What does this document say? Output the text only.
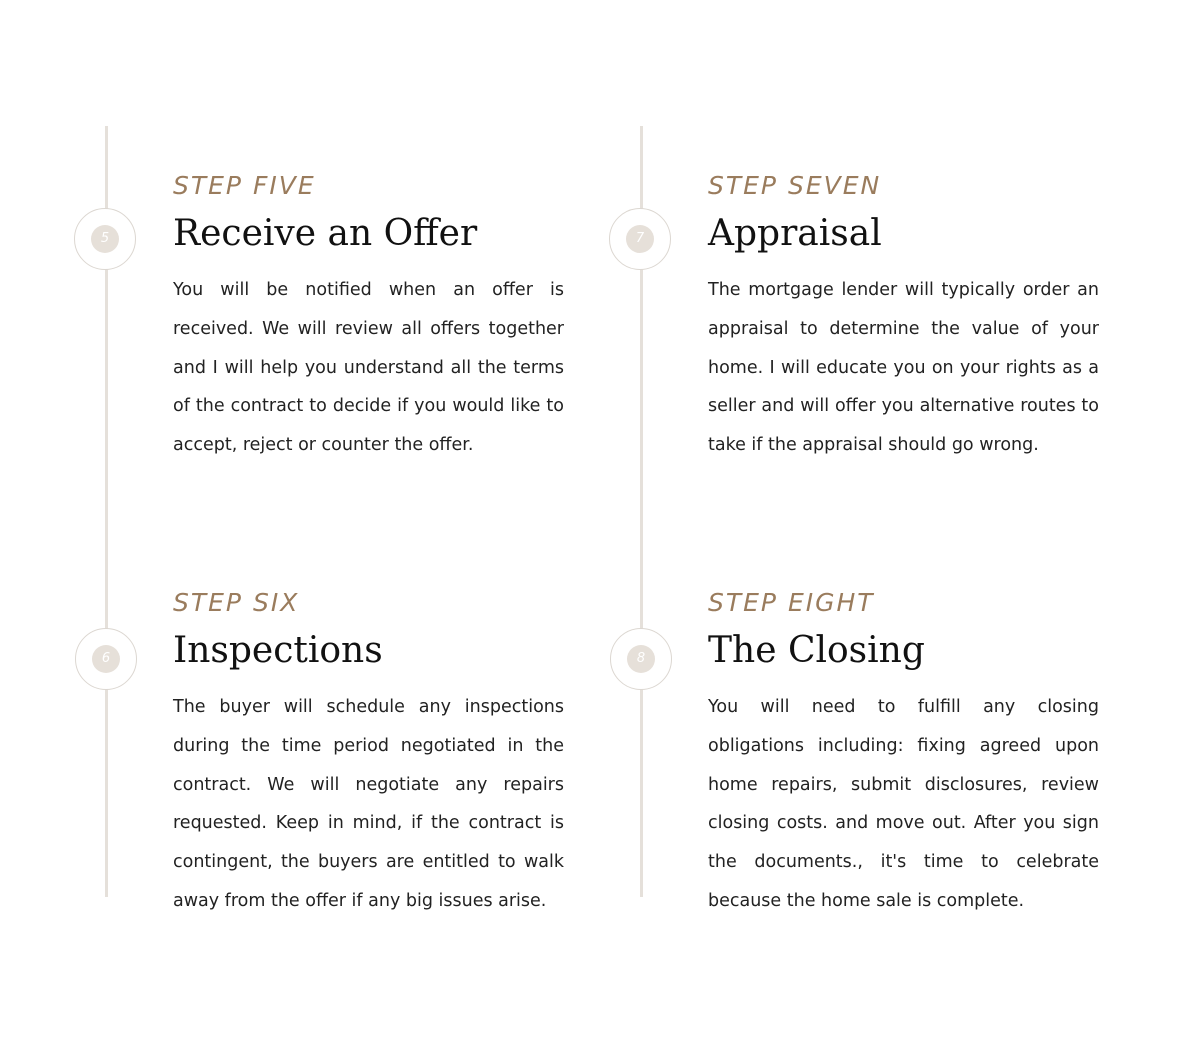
5
6
7
8
STEP FIVE
Receive an Offer

You will be notified when an offer is received. We will review all offers together and I will help you understand all the terms of the contract to decide if you would like to accept, reject or counter the offer.

STEP SIX
Inspections

The buyer will schedule any inspections during the time period negotiated in the contract. We will negotiate any repairs requested. Keep in mind, if the contract is contingent, the buyers are entitled to walk away from the offer if any big issues arise.

STEP SEVEN
Appraisal

The mortgage lender will typically order an appraisal to determine the value of your home. I will educate you on your rights as a seller and will offer you alternative routes to take if the appraisal should go wrong.

STEP EIGHT
The Closing

You will need to fulfill any closing obligations including: fixing agreed upon home repairs, submit disclosures, review closing costs. and move out. After you sign the documents., it's time to celebrate because the home sale is complete.
